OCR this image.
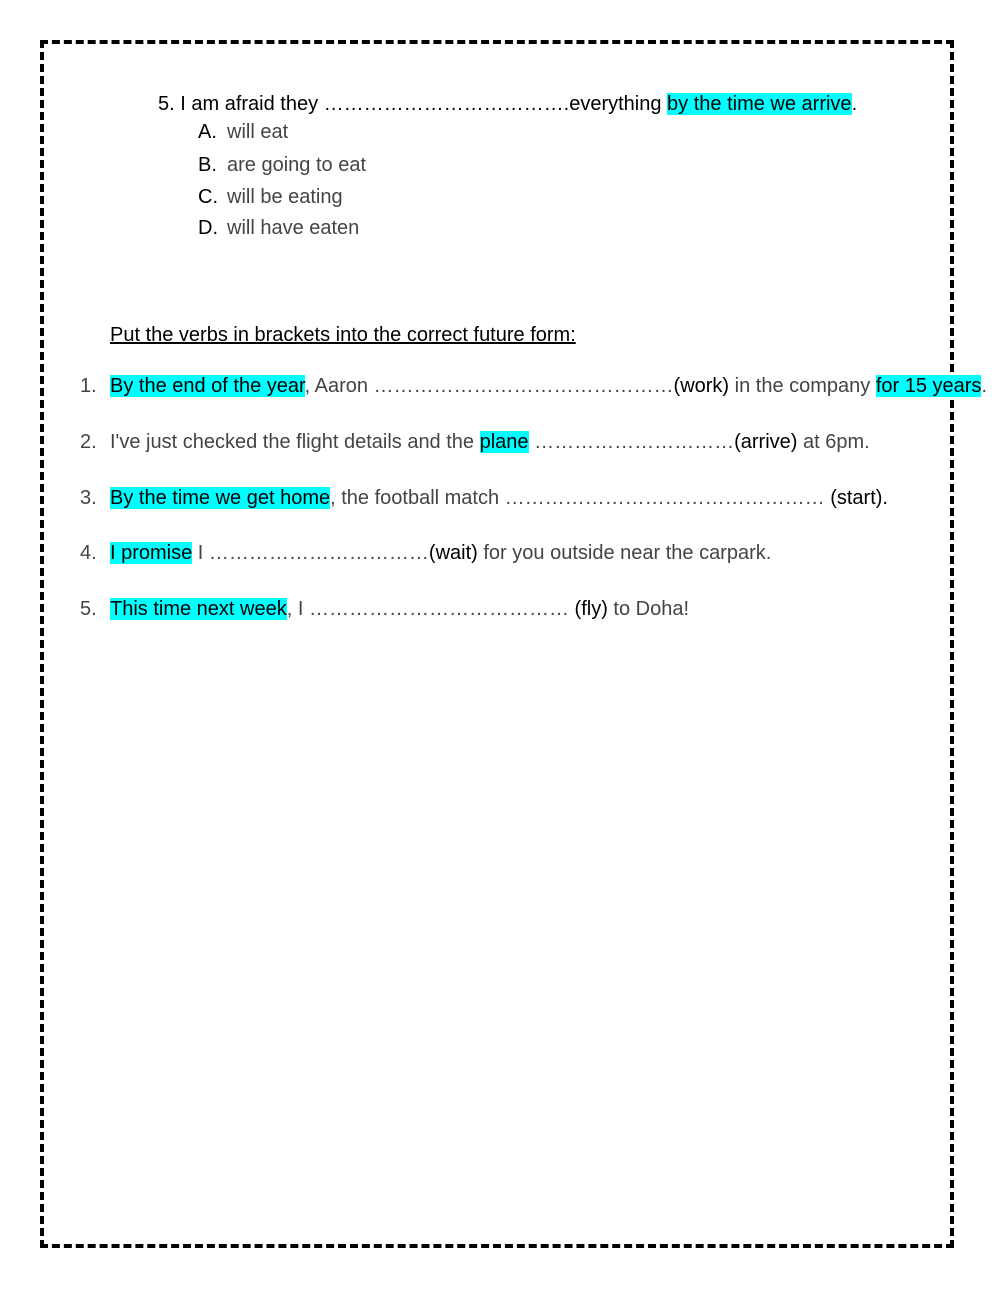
5. I am afraid they ……………………………….everything by the time we arrive.
A. will eat
B. are going to eat
C. will be eating
D. will have eaten
Put the verbs in brackets into the correct future form:
1. By the end of the year, Aaron ………………………………………(work) in the company for 15 years.
2. I've just checked the flight details and the plane …………………………(arrive) at 6pm.
3. By the time we get home, the football match ………………………………………… (start).
4. I promise I ……………………………(wait) for you outside near the carpark.
5. This time next week, I ………………………………… (fly) to Doha!
